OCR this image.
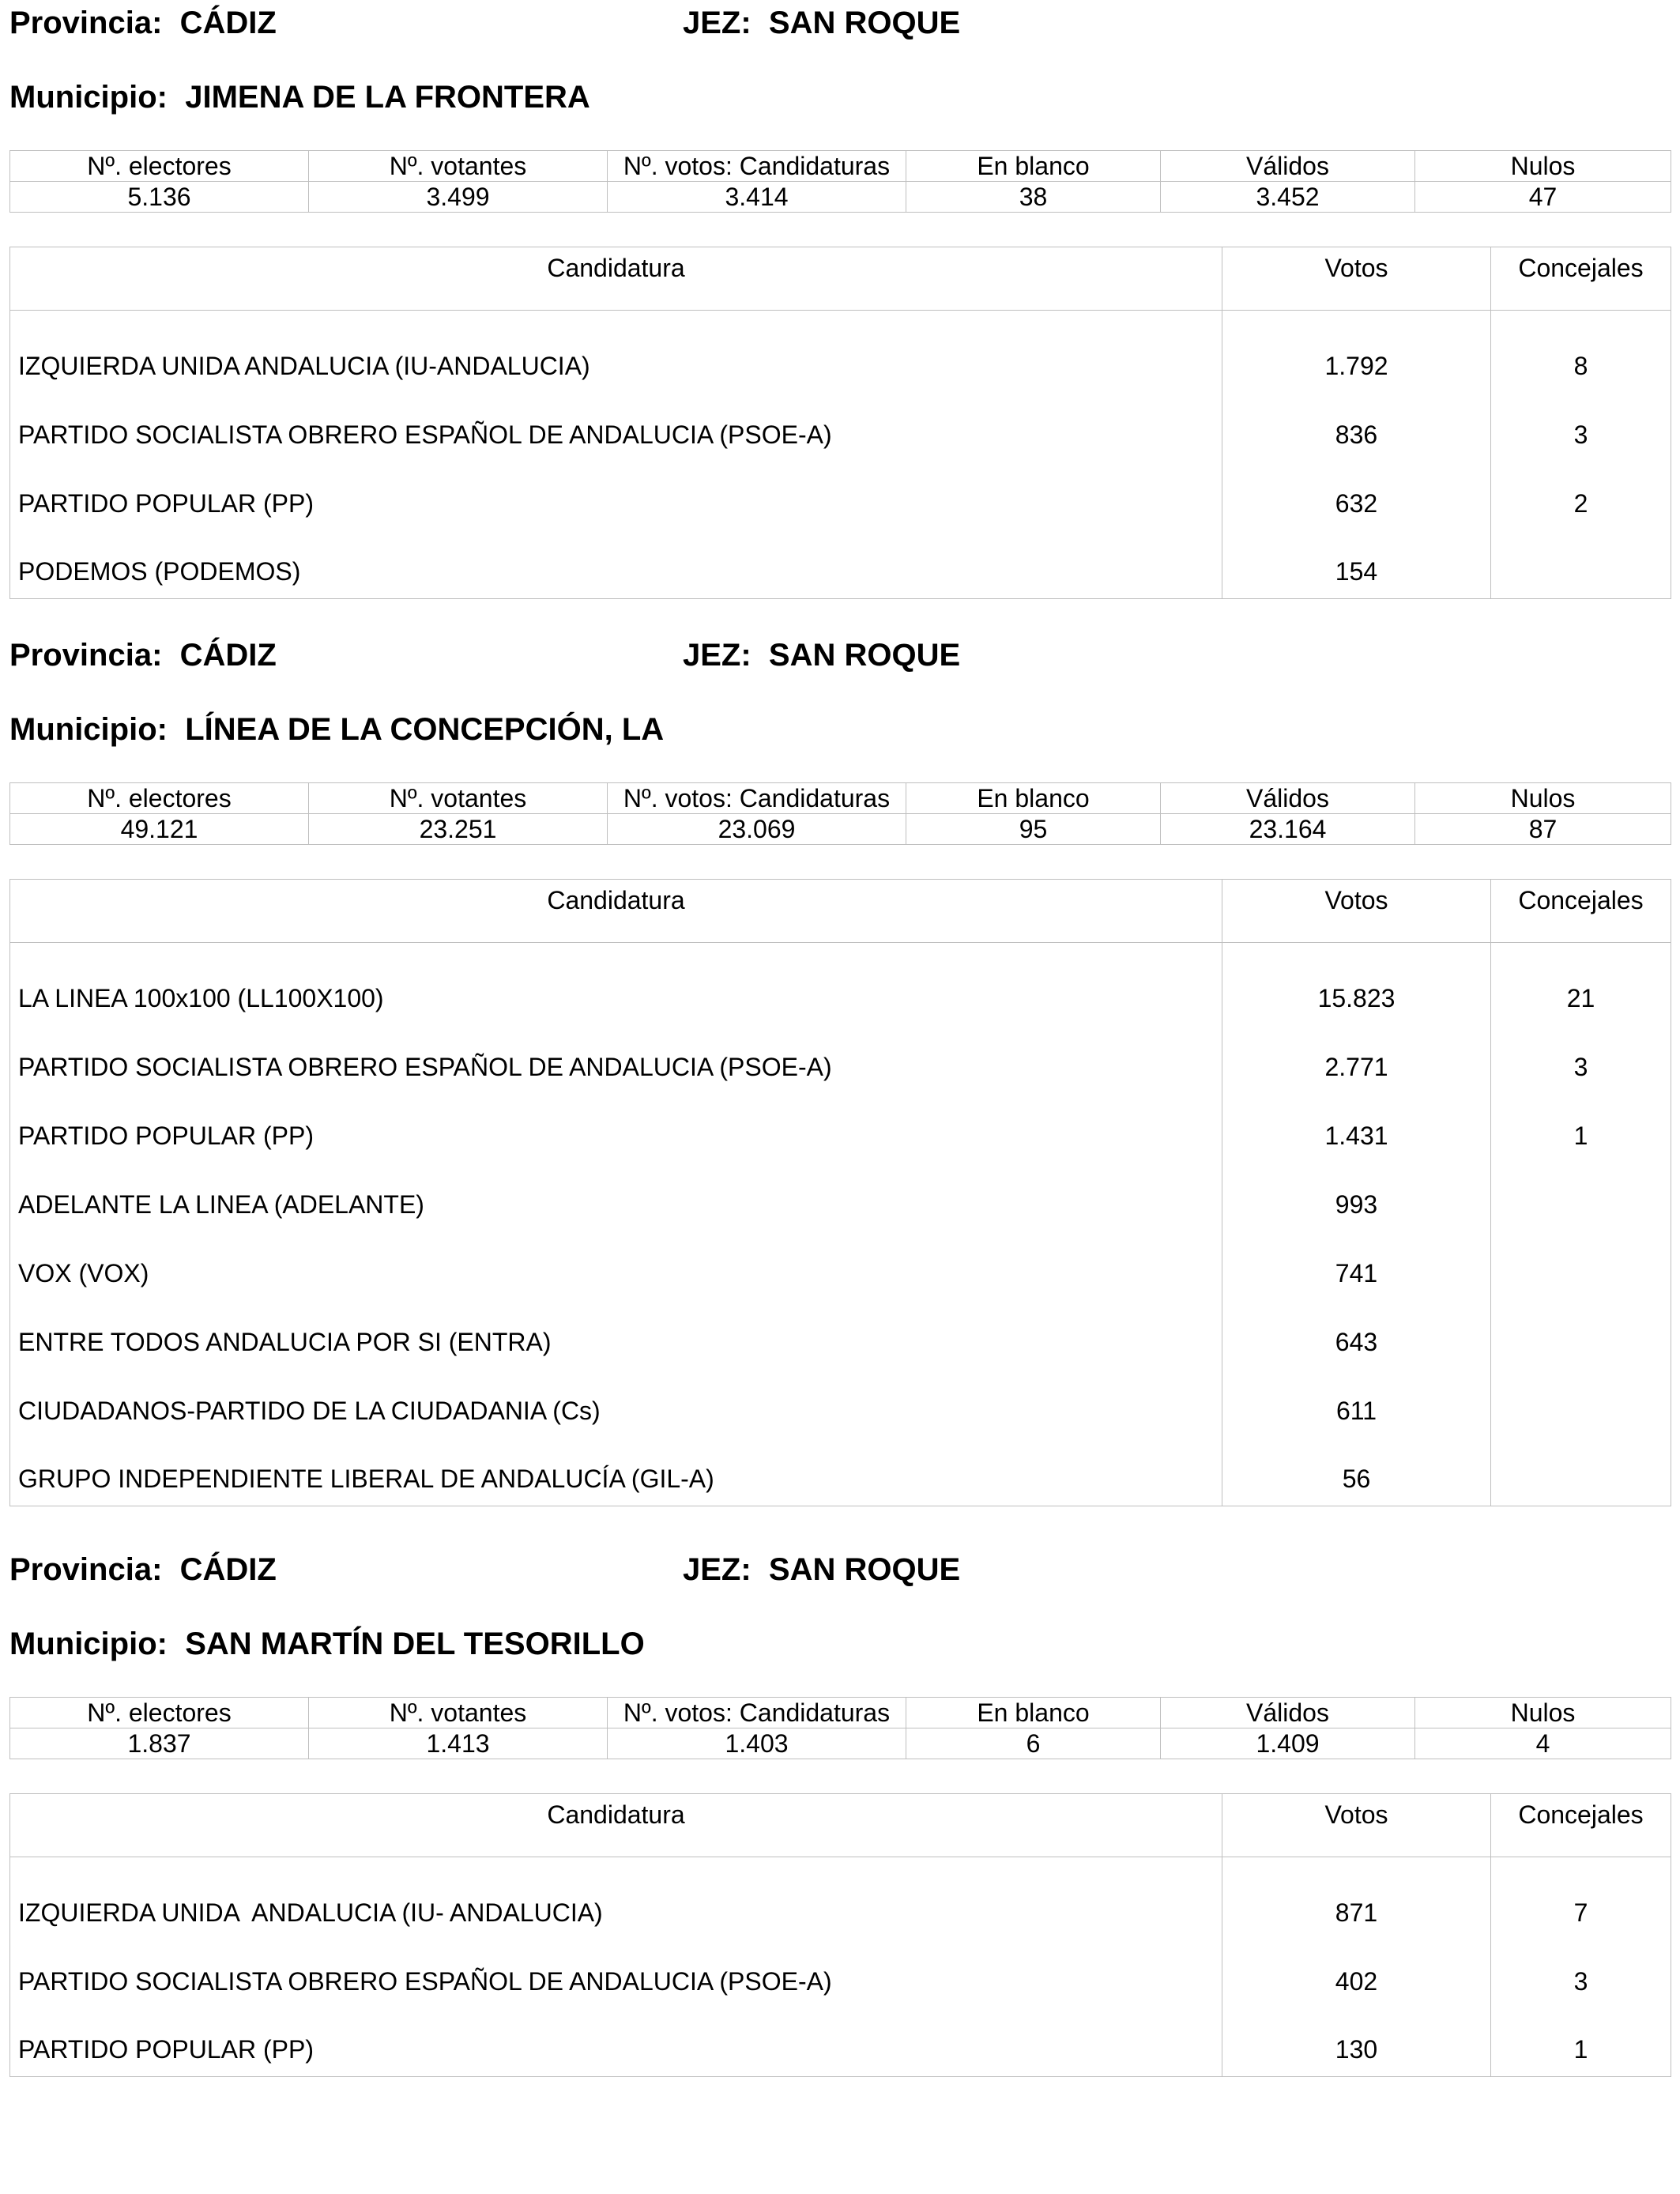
Provincia: CÁDIZ	JEZ: SAN ROQUE
Municipio: JIMENA DE LA FRONTERA
Nº. electores	Nº. votantes	Nº. votos: Candidaturas	En blanco	Válidos	Nulos
5.136	3.499	3.414	38	3.452	47
Candidatura	Votos	Concejales
IZQUIERDA UNIDA ANDALUCIA (IU-ANDALUCIA)	1.792	8
PARTIDO SOCIALISTA OBRERO ESPAÑOL DE ANDALUCIA (PSOE-A)	836	3
PARTIDO POPULAR (PP)	632	2
PODEMOS (PODEMOS)	154	
Provincia: CÁDIZ	JEZ: SAN ROQUE
Municipio: LÍNEA DE LA CONCEPCIÓN, LA
Nº. electores	Nº. votantes	Nº. votos: Candidaturas	En blanco	Válidos	Nulos
49.121	23.251	23.069	95	23.164	87
Candidatura	Votos	Concejales
LA LINEA 100x100 (LL100X100)	15.823	21
PARTIDO SOCIALISTA OBRERO ESPAÑOL DE ANDALUCIA (PSOE-A)	2.771	3
PARTIDO POPULAR (PP)	1.431	1
ADELANTE LA LINEA (ADELANTE)	993	
VOX (VOX)	741	
ENTRE TODOS ANDALUCIA POR SI (ENTRA)	643	
CIUDADANOS-PARTIDO DE LA CIUDADANIA (Cs)	611	
GRUPO INDEPENDIENTE LIBERAL DE ANDALUCÍA (GIL-A)	56	
Provincia: CÁDIZ	JEZ: SAN ROQUE
Municipio: SAN MARTÍN DEL TESORILLO
Nº. electores	Nº. votantes	Nº. votos: Candidaturas	En blanco	Válidos	Nulos
1.837	1.413	1.403	6	1.409	4
Candidatura	Votos	Concejales
IZQUIERDA UNIDA  ANDALUCIA (IU- ANDALUCIA)	871	7
PARTIDO SOCIALISTA OBRERO ESPAÑOL DE ANDALUCIA (PSOE-A)	402	3
PARTIDO POPULAR (PP)	130	1
